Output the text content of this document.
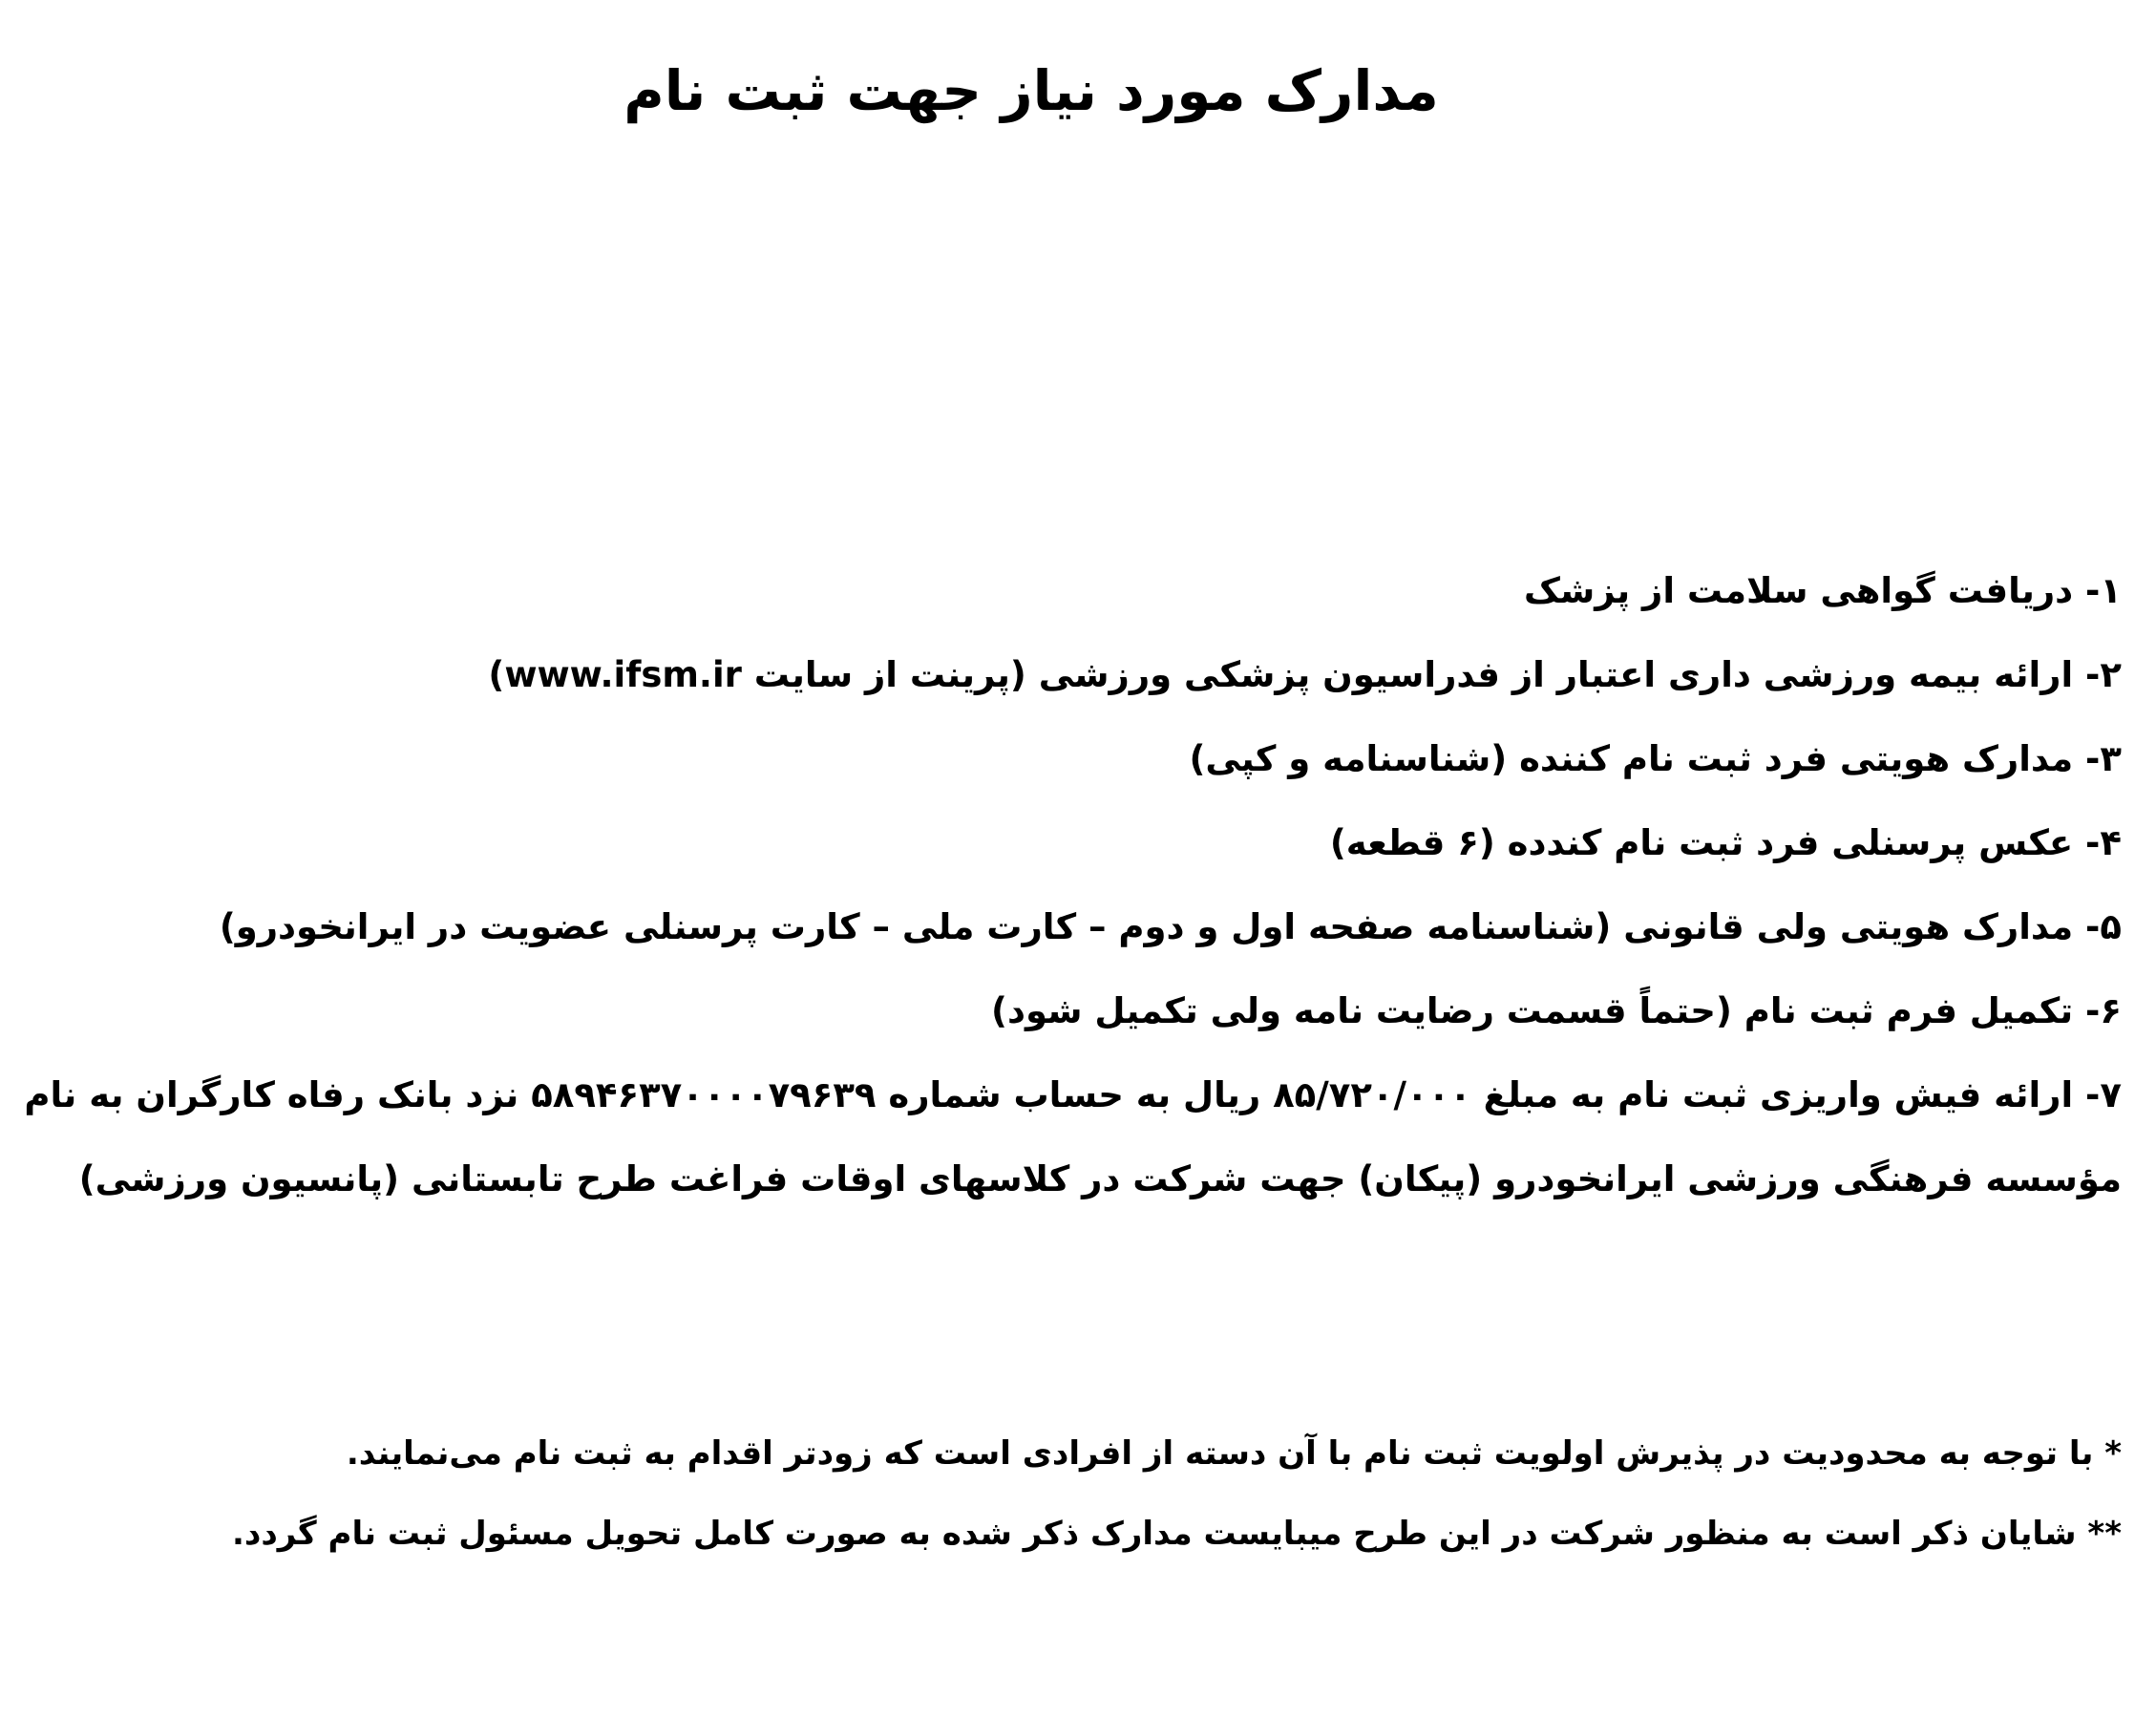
مدارک مورد نیاز جهت ثبت نام
۱- دریافت گواهی سلامت از پزشک
۲- ارائه بیمه ورزشی داری اعتبار از فدراسیون پزشکی ورزشی (پرینت از سایت www.ifsm.ir)
۳- مدارک هویتی فرد ثبت نام کننده (شناسنامه و کپی)
۴- عکس پرسنلی فرد ثبت نام کندده (۶ قطعه)
۵- مدارک هویتی ولی قانونی (شناسنامه صفحه اول و دوم – کارت ملی – کارت پرسنلی عضویت در ایرانخودرو)
۶- تکمیل فرم ثبت نام (حتماً قسمت رضایت نامه ولی تکمیل شود)
۷- ارائه فیش واریزی ثبت نام به مبلغ ۸۵/۷۲۰/۰۰۰ ریال به حساب شماره ۵۸۹۴۶۳۷۰۰۰۰۷۹۶۳۹ نزد بانک رفاه کارگران به نام مؤسسه فرهنگی ورزشی ایرانخودرو (پیکان) جهت شرکت در کلاسهای اوقات فراغت طرح تابستانی (پانسیون ورزشی)
* با توجه به محدودیت در پذیرش اولویت ثبت نام با آن دسته از افرادی است که زودتر اقدام به ثبت نام می‌نمایند.
** شایان ذکر است به منظور شرکت در این طرح میبایست مدارک ذکر شده به صورت کامل تحویل مسئول ثبت نام گردد.
